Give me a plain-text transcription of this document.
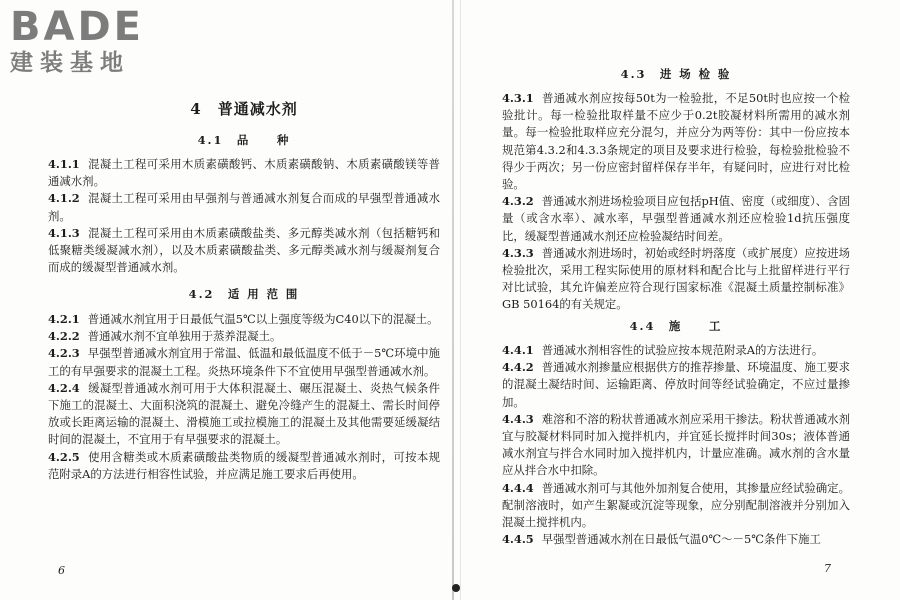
BADE
建装基地
4　普通减水剂
4.1　品　　种
4.1.1 混凝土工程可采用木质素磺酸钙、木质素磺酸钠、木质素磺酸镁等普通减水剂。
4.1.2 混凝土工程可采用由早强剂与普通减水剂复合而成的早强型普通减水剂。
4.1.3 混凝土工程可采用由木质素磺酸盐类、多元醇类减水剂（包括糖钙和低聚糖类缓凝减水剂），以及木质素磺酸盐类、多元醇类减水剂与缓凝剂复合而成的缓凝型普通减水剂。
4.2　适 用 范 围
4.2.1 普通减水剂宜用于日最低气温5℃以上强度等级为C40以下的混凝土。
4.2.2 普通减水剂不宜单独用于蒸养混凝土。
4.2.3 早强型普通减水剂宜用于常温、低温和最低温度不低于－5℃环境中施工的有早强要求的混凝土工程。炎热环境条件下不宜使用早强型普通减水剂。
4.2.4 缓凝型普通减水剂可用于大体积混凝土、碾压混凝土、炎热气候条件下施工的混凝土、大面积浇筑的混凝土、避免冷缝产生的混凝土、需长时间停放或长距离运输的混凝土、滑模施工或拉模施工的混凝土及其他需要延缓凝结时间的混凝土，不宜用于有早强要求的混凝土。
4.2.5 使用含糖类或木质素磺酸盐类物质的缓凝型普通减水剂时，可按本规范附录A的方法进行相容性试验，并应满足施工要求后再使用。
6
4.3　进 场 检 验
4.3.1 普通减水剂应按每50t为一检验批，不足50t时也应按一个检验批计。每一检验批取样量不应少于0.2t胶凝材料所需用的减水剂量。每一检验批取样应充分混匀，并应分为两等份：其中一份应按本规范第4.3.2和4.3.3条规定的项目及要求进行检验，每检验批检验不得少于两次；另一份应密封留样保存半年，有疑问时，应进行对比检验。
4.3.2 普通减水剂进场检验项目应包括pH值、密度（或细度）、含固量（或含水率）、减水率，早强型普通减水剂还应检验1d抗压强度比，缓凝型普通减水剂还应检验凝结时间差。
4.3.3 普通减水剂进场时，初始或经时坍落度（或扩展度）应按进场检验批次，采用工程实际使用的原材料和配合比与上批留样进行平行对比试验，其允许偏差应符合现行国家标准《混凝土质量控制标准》GB 50164的有关规定。
4.4　施　　工
4.4.1 普通减水剂相容性的试验应按本规范附录A的方法进行。
4.4.2 普通减水剂掺量应根据供方的推荐掺量、环境温度、施工要求的混凝土凝结时间、运输距离、停放时间等经试验确定，不应过量掺加。
4.4.3 难溶和不溶的粉状普通减水剂应采用干掺法。粉状普通减水剂宜与胶凝材料同时加入搅拌机内，并宜延长搅拌时间30s；液体普通减水剂宜与拌合水同时加入搅拌机内，计量应准确。减水剂的含水量应从拌合水中扣除。
4.4.4 普通减水剂可与其他外加剂复合使用，其掺量应经试验确定。配制溶液时，如产生絮凝或沉淀等现象，应分别配制溶液并分别加入混凝土搅拌机内。
4.4.5 早强型普通减水剂在日最低气温0℃～－5℃条件下施工
7
